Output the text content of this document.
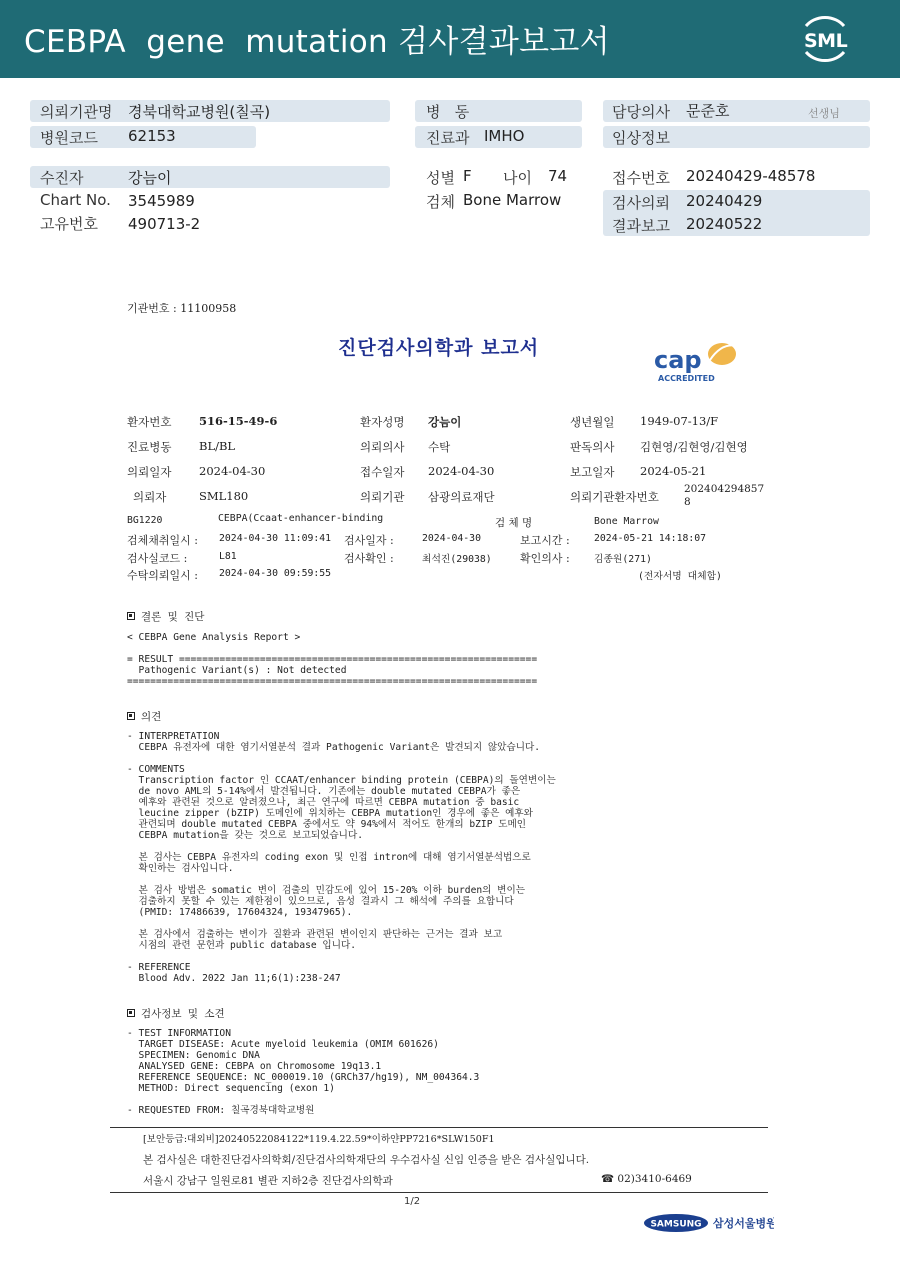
CEBPA  gene  mutation 검사결과보고서	SML
의뢰기관명 경북대학교병원(칠곡)
병원코드 62153
병   동
진료과 IMHO
담당의사 문준호	선생님
임상정보
수진자	강늠이
Chart No. 3545989
고유번호 490713-2
성별 F 나이 74
검체 Bone Marrow
접수번호 20240429-48578
검사의뢰 20240429
결과보고 20240522
기관번호 : 11100958
진단검사의학과 보고서	cap
ACCREDITED
환자번호 516-15-49-6	환자성명 강늠이	생년월일 1949-07-13/F
진료병동 BL/BL	의뢰의사 수탁	판독의사 김현영/김현영/김현영
의뢰일자 2024-04-30	접수일자 2024-04-30	보고일자 2024-05-21
의뢰자	SML180	의뢰기관 삼광의료재단	의뢰기관환자번호
202404294857
8
BG1220	CEBPA(Ccaat-enhancer-binding	검 체 명	Bone Marrow
검체채취일시 : 2024-04-30 11:09:41 검사일자 :	2024-04-30	보고시간 : 2024-05-21 14:18:07
검사실코드 :	L81	검사확인 :	최석진(29038)	확인의사 : 김종원(271)
수탁의뢰일시 : 2024-04-30 09:59:55	(전자서명 대체함)
결론 및 진단
< CEBPA Gene Analysis Report >

= RESULT ==============================================================
Pathogenic Variant(s) : Not detected
=======================================================================
의견
- INTERPRETATION
CEBPA 유전자에 대한 염기서열분석 결과 Pathogenic Variant은 발견되지 않았습니다.

- COMMENTS
Transcription factor 인 CCAAT/enhancer binding protein (CEBPA)의 돌연변이는
de novo AML의 5-14%에서 발견됩니다. 기존에는 double mutated CEBPA가 좋은
예후와 관련된 것으로 알려졌으나, 최근 연구에 따르면 CEBPA mutation 중 basic
leucine zipper (bZIP) 도메인에 위치하는 CEBPA mutation인 경우에 좋은 예후와
관련되며 double mutated CEBPA 중에서도 약 94%에서 적어도 한개의 bZIP 도메인
CEBPA mutation을 갖는 것으로 보고되었습니다.

본 검사는 CEBPA 유전자의 coding exon 및 인접 intron에 대해 염기서열분석법으로
확인하는 검사입니다.

본 검사 방법은 somatic 변이 검출의 민감도에 있어 15-20% 이하 burden의 변이는
검출하지 못할 수 있는 제한점이 있으므로, 음성 결과시 그 해석에 주의를 요합니다
(PMID: 17486639, 17604324, 19347965).

본 검사에서 검출하는 변이가 질환과 관련된 변이인지 판단하는 근거는 결과 보고
시점의 관련 문헌과 public database 입니다.

- REFERENCE
Blood Adv. 2022 Jan 11;6(1):238-247
검사정보 및 소견
- TEST INFORMATION
TARGET DISEASE: Acute myeloid leukemia (OMIM 601626)
SPECIMEN: Genomic DNA
ANALYSED GENE: CEBPA on Chromosome 19q13.1
REFERENCE SEQUENCE: NC_000019.10 (GRCh37/hg19), NM_004364.3
METHOD: Direct sequencing (exon 1)

- REQUESTED FROM: 칠곡경북대학교병원
[보안등급:대외비]20240522084122*119.4.22.59*이하얀PP7216*SLW150F1
본 검사실은 대한진단검사의학회/진단검사의학재단의 우수검사실 신임 인증을 받은 검사실입니다.
서울시 강남구 일원로81 별관 지하2층 진단검사의학과	☎ 02)3410-6469
1/2
SAMSUNG 삼성서울병원
